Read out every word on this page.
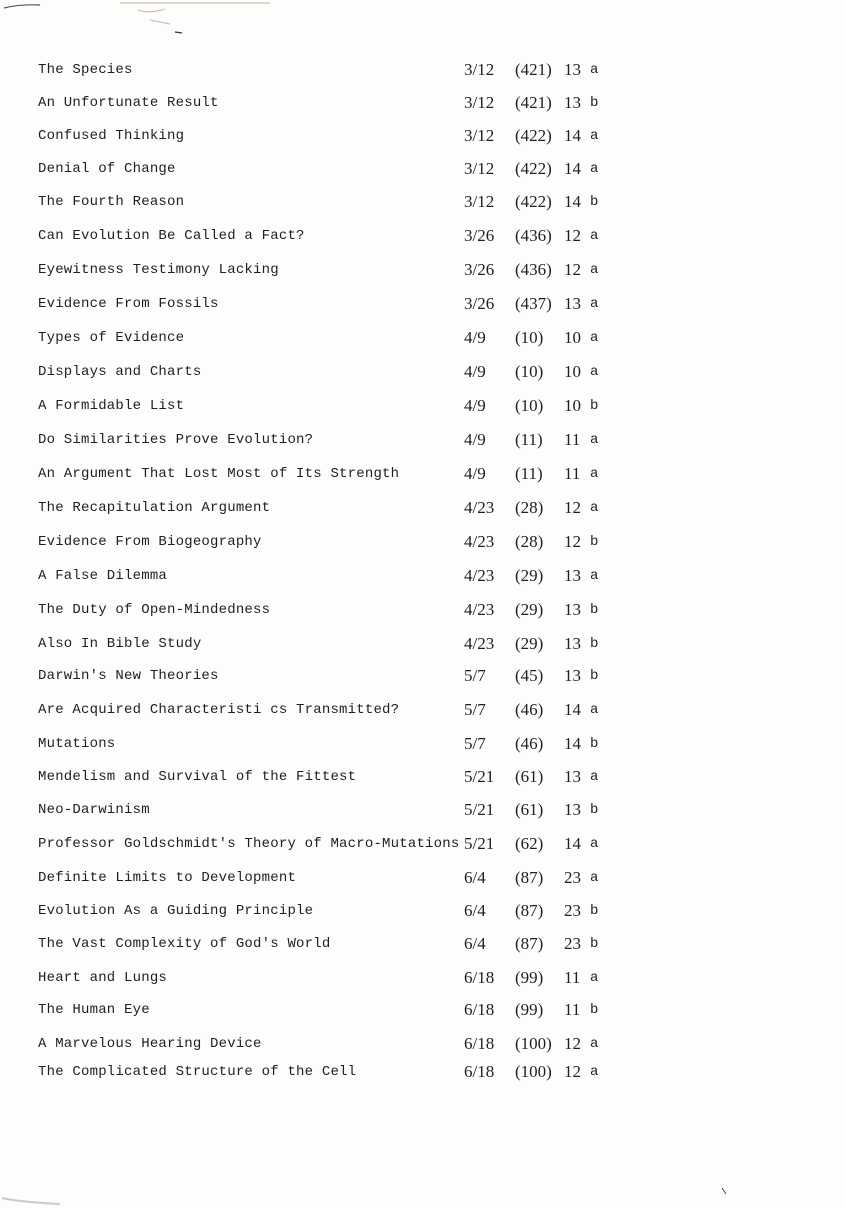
The Species	3/12 (421) 13 a
An Unfortunate Result	3/12 (421) 13 b
Confused Thinking	3/12 (422) 14 a
Denial of Change	3/12 (422) 14 a
The Fourth Reason	3/12 (422) 14 b
Can Evolution Be Called a Fact?	3/26 (436) 12 a
Eyewitness Testimony Lacking	3/26 (436) 12 a
Evidence From Fossils	3/26 (437) 13 a
Types of Evidence	4/9 (10) 10 a
Displays and Charts	4/9 (10) 10 a
A Formidable List	4/9 (10) 10 b
Do Similarities Prove Evolution?	4/9 (11) 11 a
An Argument That Lost Most of Its Strength	4/9 (11) 11 a
The Recapitulation Argument	4/23 (28) 12 a
Evidence From Biogeography	4/23 (28) 12 b
A False Dilemma	4/23 (29) 13 a
The Duty of Open-Mindedness	4/23 (29) 13 b
Also In Bible Study	4/23 (29) 13 b
Darwin's New Theories	5/7 (45) 13 b
Are Acquired Characteristi cs Transmitted?	5/7 (46) 14 a
Mutations	5/7 (46) 14 b
Mendelism and Survival of the Fittest	5/21 (61) 13 a
Neo-Darwinism	5/21 (61) 13 b
Professor Goldschmidt's Theory of Macro-Mutations 5/21 (62) 14 a
Definite Limits to Development	6/4 (87) 23 a
Evolution As a Guiding Principle	6/4 (87) 23 b
The Vast Complexity of God's World	6/4 (87) 23 b
Heart and Lungs	6/18 (99) 11 a
The Human Eye	6/18 (99) 11 b
A Marvelous Hearing Device	6/18 (100) 12 a
The Complicated Structure of the Cell	6/18 (100) 12 a
